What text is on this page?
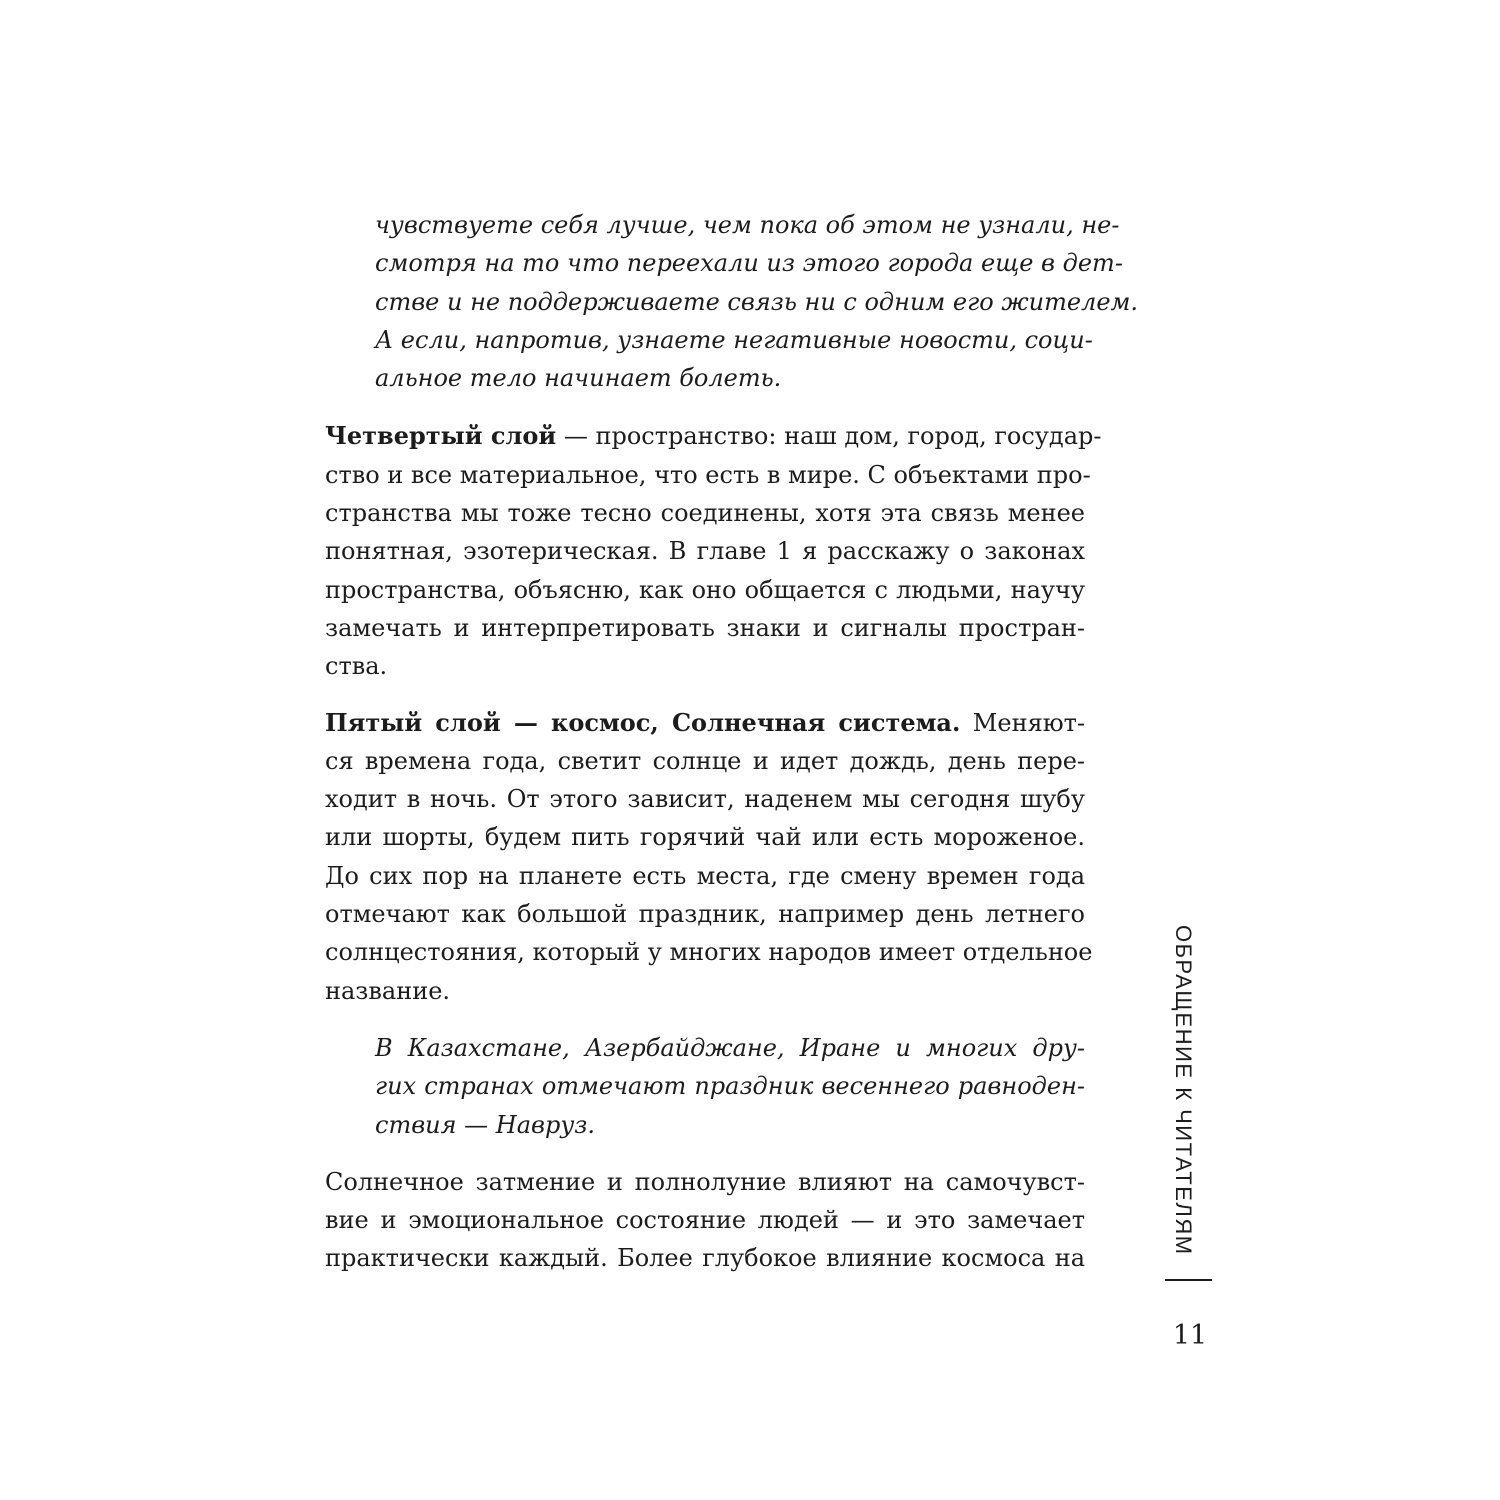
чувствуете себя лучше, чем пока об этом не узнали, не-
смотря на то что переехали из этого города еще в дет-
стве и не поддерживаете связь ни с одним его жителем.
А если, напротив, узнаете негативные новости, соци-
альное тело начинает болеть.
Четвертый слой — пространство: наш дом, город, государ-
ство и все материальное, что есть в мире. С объектами про-
странства мы тоже тесно соединены, хотя эта связь менее
понятная, эзотерическая. В главе 1 я расскажу о законах
пространства, объясню, как оно общается с людьми, научу
замечать и интерпретировать знаки и сигналы простран-
ства.
Пятый слой — космос, Солнечная система. Меняют-
ся времена года, светит солнце и идет дождь, день пере-
ходит в ночь. От этого зависит, наденем мы сегодня шубу
или шорты, будем пить горячий чай или есть мороженое.
До сих пор на планете есть места, где смену времен года
отмечают как большой праздник, например день летнего
солнцестояния, который у многих народов имеет отдельное
название.
В Казахстане, Азербайджане, Иране и многих дру-
гих странах отмечают праздник весеннего равноден-
ствия — Навруз.
Солнечное затмение и полнолуние влияют на самочувст-
вие и эмоциональное состояние людей — и это замечает
практически каждый. Более глубокое влияние космоса на
ОБРАЩЕНИЕ К ЧИТАТЕЛЯМ
11
